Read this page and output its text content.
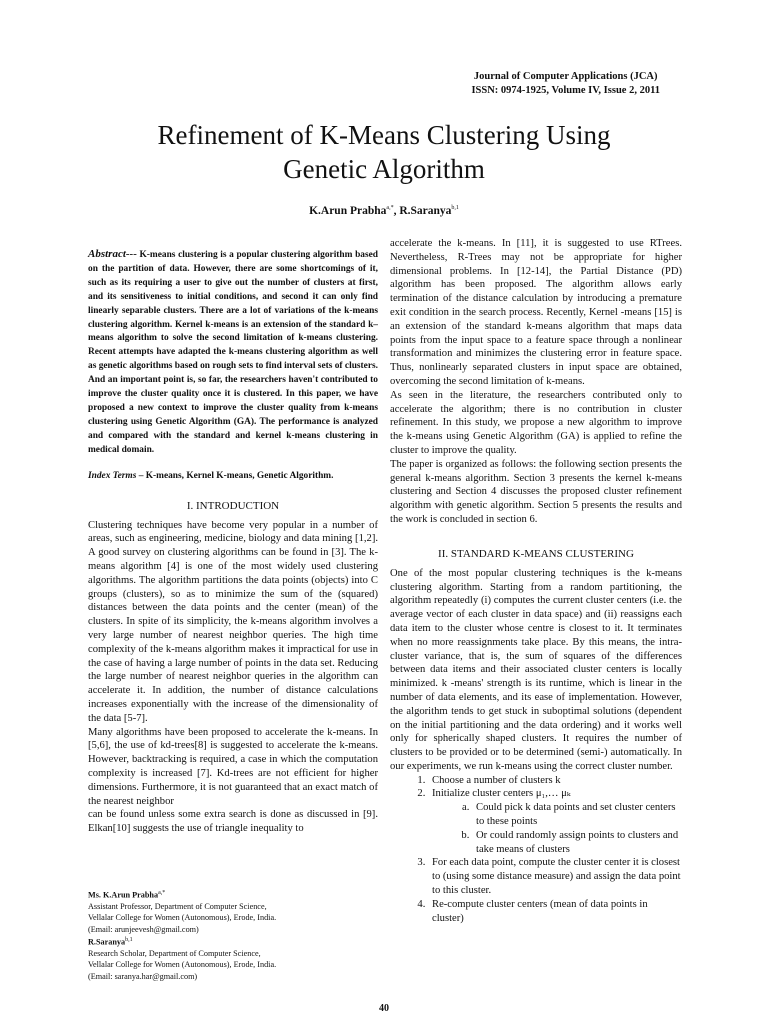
Journal of Computer Applications (JCA)
ISSN: 0974-1925, Volume IV, Issue 2, 2011
Refinement of K-Means Clustering Using
Genetic Algorithm
K.Arun Prabha$^{a,*}$, R.Saranya$^{b,1}$
Abstract--- K-means clustering is a popular clustering algorithm based on the partition of data. However, there are some shortcomings of it, such as its requiring a user to give out the number of clusters at first, and its sensitiveness to initial conditions, and second it can only find linearly separable clusters. There are a lot of variations of the k-means clustering algorithm. Kernel k-means is an extension of the standard k–means algorithm to solve the second limitation of k-means clustering. Recent attempts have adapted the k-means clustering algorithm as well as genetic algorithms based on rough sets to find interval sets of clusters. And an important point is, so far, the researchers haven't contributed to improve the cluster quality once it is clustered. In this paper, we have proposed a new context to improve the cluster quality from k-means clustering using Genetic Algorithm (GA). The performance is analyzed and compared with the standard and kernel k-means clustering in medical domain.
Index Terms – K-means, Kernel K-means, Genetic Algorithm.
I. INTRODUCTION

Clustering techniques have become very popular in a number of areas, such as engineering, medicine, biology and data mining [1,2]. A good survey on clustering algorithms can be found in [3]. The k-means algorithm [4] is one of the most widely used clustering algorithms. The algorithm partitions the data points (objects) into C groups (clusters), so as to minimize the sum of the (squared) distances between the data points and the center (mean) of the clusters. In spite of its simplicity, the k-means algorithm involves a very large number of nearest neighbor queries. The high time complexity of the k-means algorithm makes it impractical for use in the case of having a large number of points in the data set. Reducing the large number of nearest neighbor queries in the algorithm can accelerate it. In addition, the number of distance calculations increases exponentially with the increase of the dimensionality of the data [5-7].

Many algorithms have been proposed to accelerate the k-means. In [5,6], the use of kd-trees[8] is suggested to accelerate the k-means. However, backtracking is required, a case in which the computation complexity is increased [7]. Kd-trees are not efficient for higher dimensions. Furthermore, it is not guaranteed that an exact match of the nearest neighbor

can be found unless some extra search is done as discussed in [9]. Elkan[10] suggests the use of triangle inequality to

accelerate the k-means. In [11], it is suggested to use RTrees. Nevertheless, R-Trees may not be appropriate for higher dimensional problems. In [12-14], the Partial Distance (PD) algorithm has been proposed. The algorithm allows early termination of the distance calculation by introducing a premature exit condition in the search process. Recently, Kernel -means [15] is an extension of the standard k-means algorithm that maps data points from the input space to a feature space through a nonlinear transformation and minimizes the clustering error in feature space. Thus, nonlinearly separated clusters in input space are obtained, overcoming the second limitation of k-means.

As seen in the literature, the researchers contributed only to accelerate the algorithm; there is no contribution in cluster refinement. In this study, we propose a new algorithm to improve the k-means using Genetic Algorithm (GA) is applied to refine the cluster to improve the quality.

The paper is organized as follows: the following section presents the general k-means algorithm. Section 3 presents the kernel k-means clustering and Section 4 discusses the proposed cluster refinement algorithm with genetic algorithm. Section 5 presents the results and the work is concluded in section 6.

II. STANDARD K-MEANS CLUSTERING

One of the most popular clustering techniques is the k-means clustering algorithm. Starting from a random partitioning, the algorithm repeatedly (i) computes the current cluster centers (i.e. the average vector of each cluster in data space) and (ii) reassigns each data item to the cluster whose centre is closest to it. It terminates when no more reassignments take place. By this means, the intra-cluster variance, that is, the sum of squares of the differences between data items and their associated cluster centers is locally minimized. k -means' strength is its runtime, which is linear in the number of data elements, and its ease of implementation. However, the algorithm tends to get stuck in suboptimal solutions (dependent on the initial partitioning and the data ordering) and it works well only for spherically shaped clusters. It requires the number of clusters to be provided or to be determined (semi-) automatically. In our experiments, we run k-means using the correct cluster number.

1. Choose a number of clusters k
2. Initialize cluster centers μ₁,… μₖ
a. Could pick k data points and set cluster centers to these points
b. Or could randomly assign points to clusters and take means of clusters
3. For each data point, compute the cluster center it is closest to (using some distance measure) and assign the data point to this cluster.
4. Re-compute cluster centers (mean of data points in cluster)
Ms. K.Arun Prabha$^{a,*}$
Assistant Professor, Department of Computer Science,
Vellalar College for Women (Autonomous), Erode, India.
(Email: arunjeevesh@gmail.com)
R.Saranya$^{b,1}$
Research Scholar, Department of Computer Science,
Vellalar College for Women (Autonomous), Erode, India.
(Email: saranya.har@gmail.com)
40
